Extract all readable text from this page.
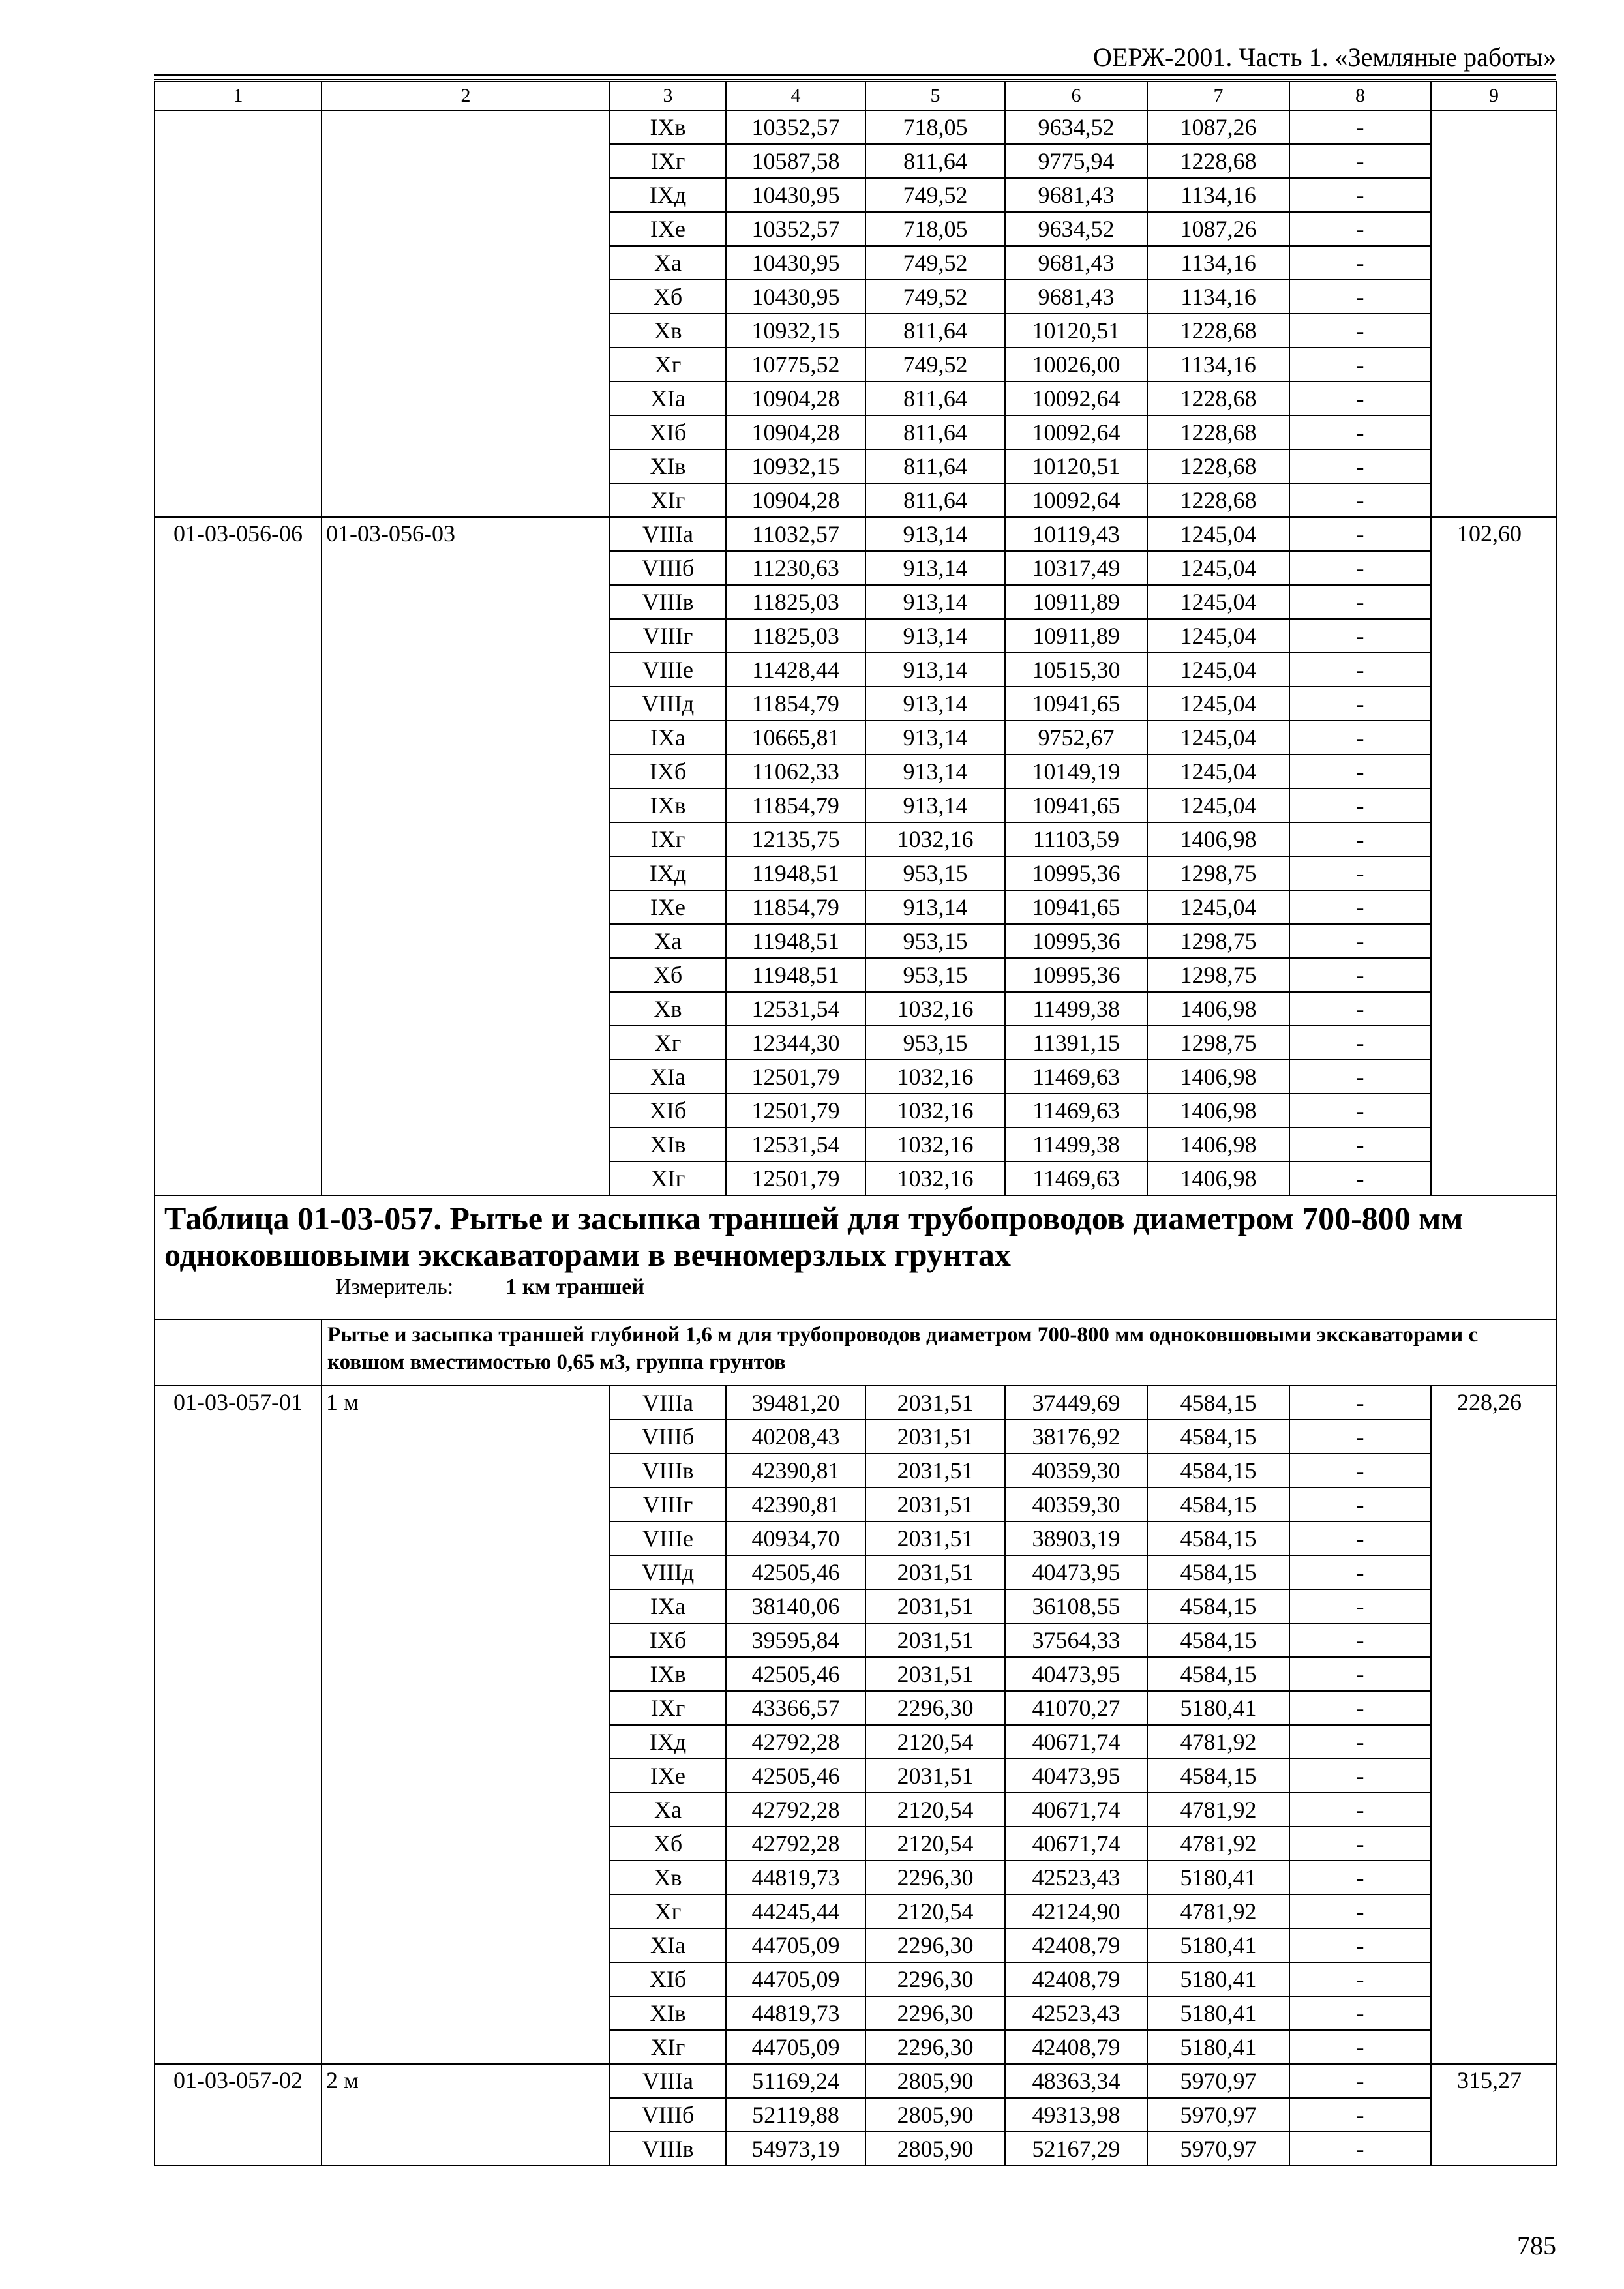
ОЕРЖ-2001. Часть 1. «Земляные работы»
1	2	3	4	5	6	7	8	9
		IXв	10352,57	718,05	9634,52	1087,26	-	
		IXг	10587,58	811,64	9775,94	1228,68	-	
		IXд	10430,95	749,52	9681,43	1134,16	-	
		IXе	10352,57	718,05	9634,52	1087,26	-	
		Xа	10430,95	749,52	9681,43	1134,16	-	
		Xб	10430,95	749,52	9681,43	1134,16	-	
		Xв	10932,15	811,64	10120,51	1228,68	-	
		Xг	10775,52	749,52	10026,00	1134,16	-	
		XIа	10904,28	811,64	10092,64	1228,68	-	
		XIб	10904,28	811,64	10092,64	1228,68	-	
		XIв	10932,15	811,64	10120,51	1228,68	-	
		XIг	10904,28	811,64	10092,64	1228,68	-	
01-03-056-06	01-03-056-03	VIIIа	11032,57	913,14	10119,43	1245,04	-	102,60
		VIIIб	11230,63	913,14	10317,49	1245,04	-	
		VIIIв	11825,03	913,14	10911,89	1245,04	-	
		VIIIг	11825,03	913,14	10911,89	1245,04	-	
		VIIIе	11428,44	913,14	10515,30	1245,04	-	
		VIIIд	11854,79	913,14	10941,65	1245,04	-	
		IXа	10665,81	913,14	9752,67	1245,04	-	
		IXб	11062,33	913,14	10149,19	1245,04	-	
		IXв	11854,79	913,14	10941,65	1245,04	-	
		IXг	12135,75	1032,16	11103,59	1406,98	-	
		IXд	11948,51	953,15	10995,36	1298,75	-	
		IXе	11854,79	913,14	10941,65	1245,04	-	
		Xа	11948,51	953,15	10995,36	1298,75	-	
		Xб	11948,51	953,15	10995,36	1298,75	-	
		Xв	12531,54	1032,16	11499,38	1406,98	-	
		Xг	12344,30	953,15	11391,15	1298,75	-	
		XIа	12501,79	1032,16	11469,63	1406,98	-	
		XIб	12501,79	1032,16	11469,63	1406,98	-	
		XIв	12531,54	1032,16	11499,38	1406,98	-	
		XIг	12501,79	1032,16	11469,63	1406,98	-	

Таблица 01-03-057. Рытье и засыпка траншей для трубопроводов диаметром 700-800 мм одноковшовыми экскаваторами в вечномерзлых грунтах
Измеритель: 1 км траншей								

	Рытье и засыпка траншей глубиной 1,6 м для трубопроводов диаметром 700-800 мм одноковшовыми экскаваторами с ковшом вместимостью 0,65 м3, группа грунтов							

01-03-057-01	1 м	VIIIа	39481,20	2031,51	37449,69	4584,15	-	228,26
		VIIIб	40208,43	2031,51	38176,92	4584,15	-	
		VIIIв	42390,81	2031,51	40359,30	4584,15	-	
		VIIIг	42390,81	2031,51	40359,30	4584,15	-	
		VIIIе	40934,70	2031,51	38903,19	4584,15	-	
		VIIIд	42505,46	2031,51	40473,95	4584,15	-	
		IXа	38140,06	2031,51	36108,55	4584,15	-	
		IXб	39595,84	2031,51	37564,33	4584,15	-	
		IXв	42505,46	2031,51	40473,95	4584,15	-	
		IXг	43366,57	2296,30	41070,27	5180,41	-	
		IXд	42792,28	2120,54	40671,74	4781,92	-	
		IXе	42505,46	2031,51	40473,95	4584,15	-	
		Xа	42792,28	2120,54	40671,74	4781,92	-	
		Xб	42792,28	2120,54	40671,74	4781,92	-	
		Xв	44819,73	2296,30	42523,43	5180,41	-	
		Xг	44245,44	2120,54	42124,90	4781,92	-	
		XIа	44705,09	2296,30	42408,79	5180,41	-	
		XIб	44705,09	2296,30	42408,79	5180,41	-	
		XIв	44819,73	2296,30	42523,43	5180,41	-	
		XIг	44705,09	2296,30	42408,79	5180,41	-	
01-03-057-02	2 м	VIIIа	51169,24	2805,90	48363,34	5970,97	-	315,27
		VIIIб	52119,88	2805,90	49313,98	5970,97	-	
		VIIIв	54973,19	2805,90	52167,29	5970,97	-	
785
